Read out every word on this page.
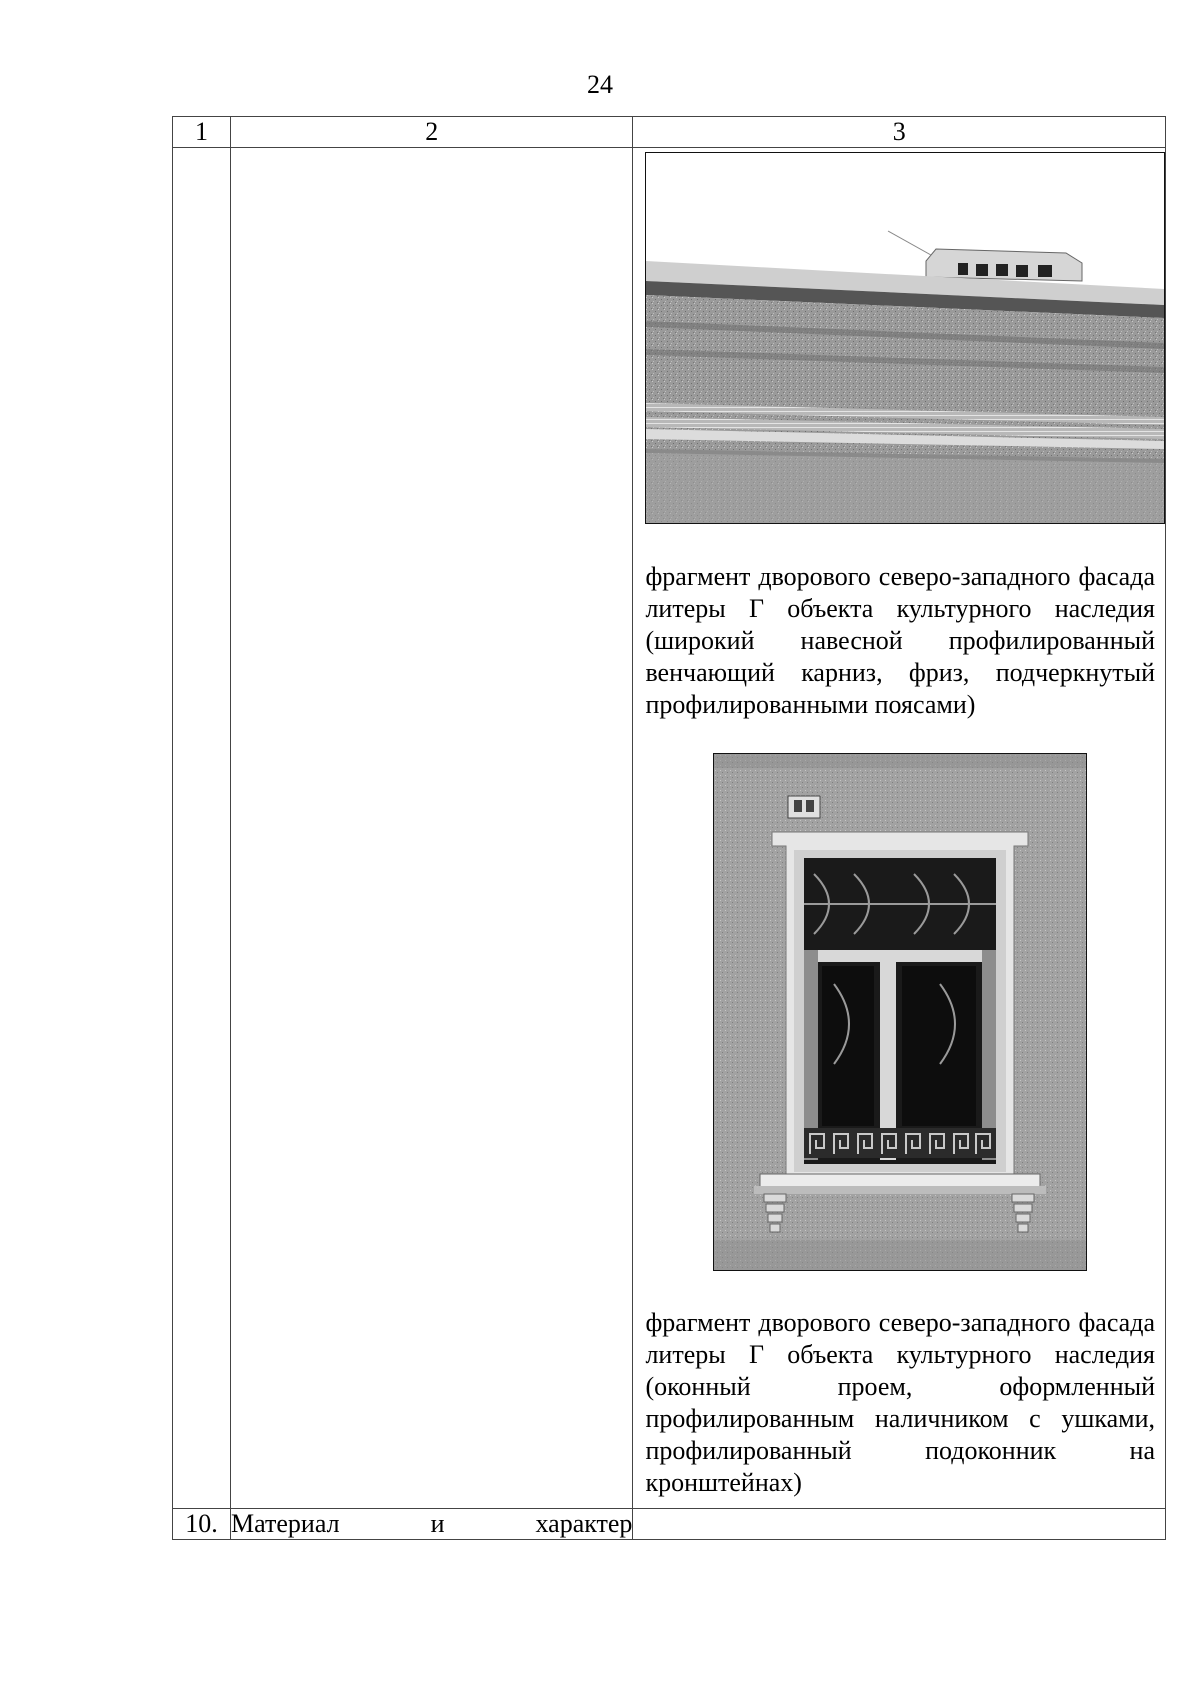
24
1	2	3

		фрагмент дворового северо-западного фасада литеры Г объекта культурного наследия (широкий навесной профилированный венчающий карниз, фриз, подчеркнутый профилированными поясами)

фрагмент дворового северо-западного фасада литеры Г объекта культурного наследия (оконный проем, оформленный профилированным наличником с ушками, профилированный подоконник на кронштейнах)

10.	Материал и характер	
